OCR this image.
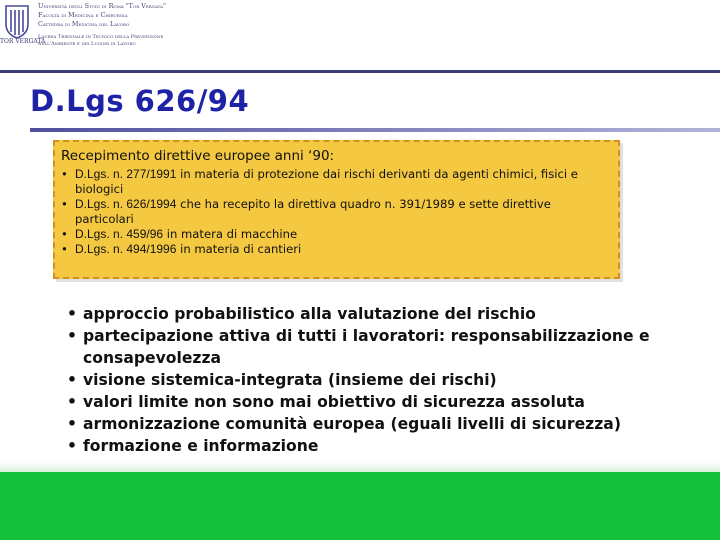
TOR VERGATA
Università degli Studi di Roma "Tor Vergata"
Facoltà di Medicina e Chirurgia
Cattedra di Medicina del Lavoro
Laurea Triennale in Tecnico della Prevenzione
nell'Ambiente e nei Luoghi di Lavoro
D.Lgs 626/94
Recepimento direttive europee anni ‘90:
• D.Lgs. n. 277/1991 in materia di protezione dai rischi derivanti da agenti chimici, fisici e biologici
• D.Lgs. n. 626/1994 che ha recepito la direttiva quadro n. 391/1989 e sette direttive particolari
• D.Lgs. n. 459/96 in matera di macchine
• D.Lgs. n. 494/1996 in materia di cantieri
• approccio probabilistico alla valutazione del rischio
• partecipazione attiva di tutti i lavoratori: responsabilizzazione e consapevolezza
• visione sistemica-integrata (insieme dei rischi)
• valori limite non sono mai obiettivo di sicurezza assoluta
• armonizzazione comunità europea (eguali livelli di sicurezza)
• formazione e informazione
